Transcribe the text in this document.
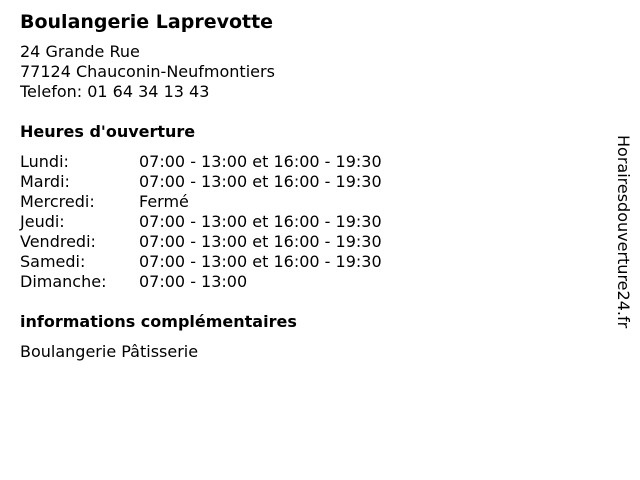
Boulangerie Laprevotte
24 Grande Rue
77124 Chauconin-Neufmontiers
Telefon: 01 64 34 13 43
Heures d'ouverture
Lundi:	07:00 - 13:00 et 16:00 - 19:30
Mardi:	07:00 - 13:00 et 16:00 - 19:30
Mercredi:	Fermé
Jeudi:	07:00 - 13:00 et 16:00 - 19:30
Vendredi:	07:00 - 13:00 et 16:00 - 19:30
Samedi:	07:00 - 13:00 et 16:00 - 19:30
Dimanche:	07:00 - 13:00
informations complémentaires
Boulangerie Pâtisserie
Horairesdouverture24.fr
